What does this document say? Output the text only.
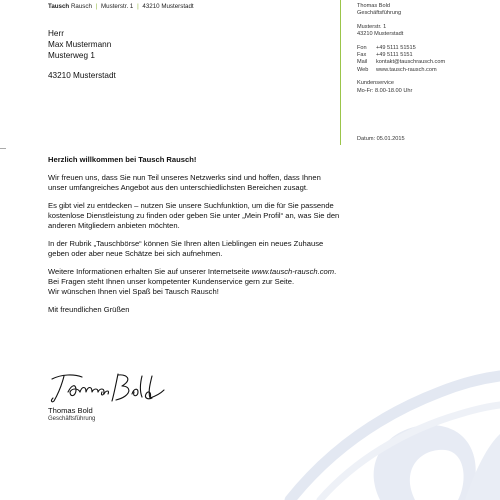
Tausch Rausch | Musterstr. 1 | 43210 Musterstadt
Herr
Max Mustermann
Musterweg 1
43210 Musterstadt
Thomas Bold
Geschäftsführung
Musterstr. 1
43210 Musterstadt
Fon +49 5111 51515
Fax +49 5111 5151
Mail kontakt@tauschrausch.com
Web www.tausch-rausch.com
Kundenservice
Mo-Fr: 8.00-18.00 Uhr
Datum: 05.01.2015

Herzlich willkommen bei Tausch Rausch!

Wir freuen uns, dass Sie nun Teil unseres Netzwerks sind und hoffen, dass Ihnen unser umfangreiches Angebot aus den unterschiedlichsten Bereichen zusagt.

Es gibt viel zu entdecken – nutzen Sie unsere Suchfunktion, um die für Sie passende kostenlose Dienstleistung zu finden oder geben Sie unter „Mein Profil“ an, was Sie den anderen Mitgliedern anbieten möchten.

In der Rubrik „Tauschbörse“ können Sie Ihren alten Lieblingen ein neues Zuhause geben oder aber neue Schätze bei sich aufnehmen.

Weitere Informationen erhalten Sie auf unserer Internetseite www.tausch-rausch.com. Bei Fragen steht Ihnen unser kompetenter Kundenservice gern zur Seite.
Wir wünschen Ihnen viel Spaß bei Tausch Rausch!

Mit freundlichen Grüßen

Thomas Bold
Geschäftsführung
